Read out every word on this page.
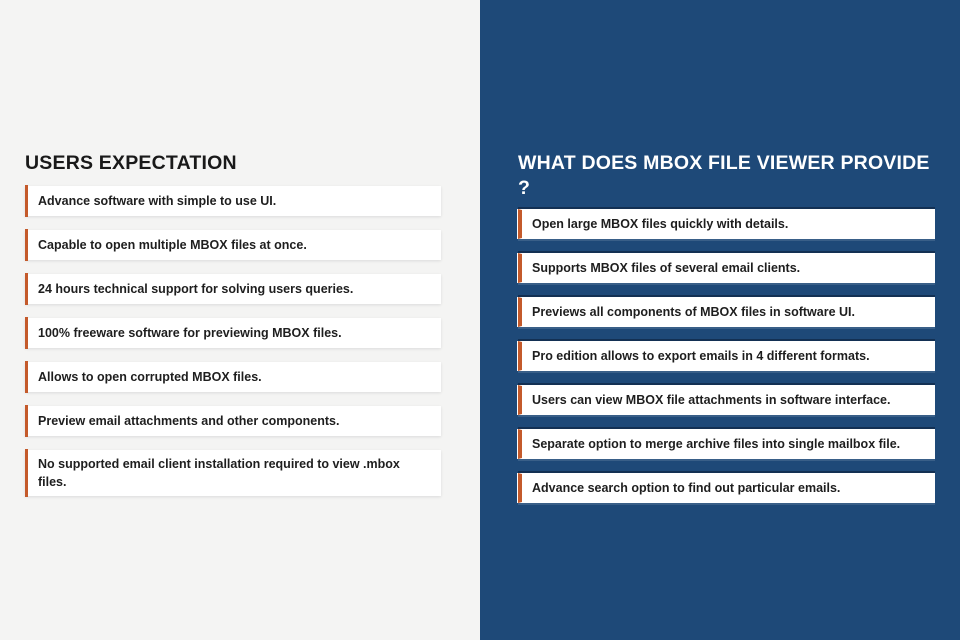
USERS EXPECTATION
Advance software with simple to use UI.
Capable to open multiple MBOX files at once.
24 hours technical support for solving users queries.
100% freeware software for previewing MBOX files.
Allows to open corrupted MBOX files.
Preview email attachments and other components.
No supported email client installation required to view .mbox files.
WHAT DOES MBOX FILE VIEWER PROVIDE ?
Open large MBOX files quickly with details.
Supports MBOX files of several email clients.
Previews all components of MBOX files in software UI.
Pro edition allows to export emails in 4 different formats.
Users can view MBOX file attachments in software interface.
Separate option to merge archive files into single mailbox file.
Advance search option to find out particular emails.
